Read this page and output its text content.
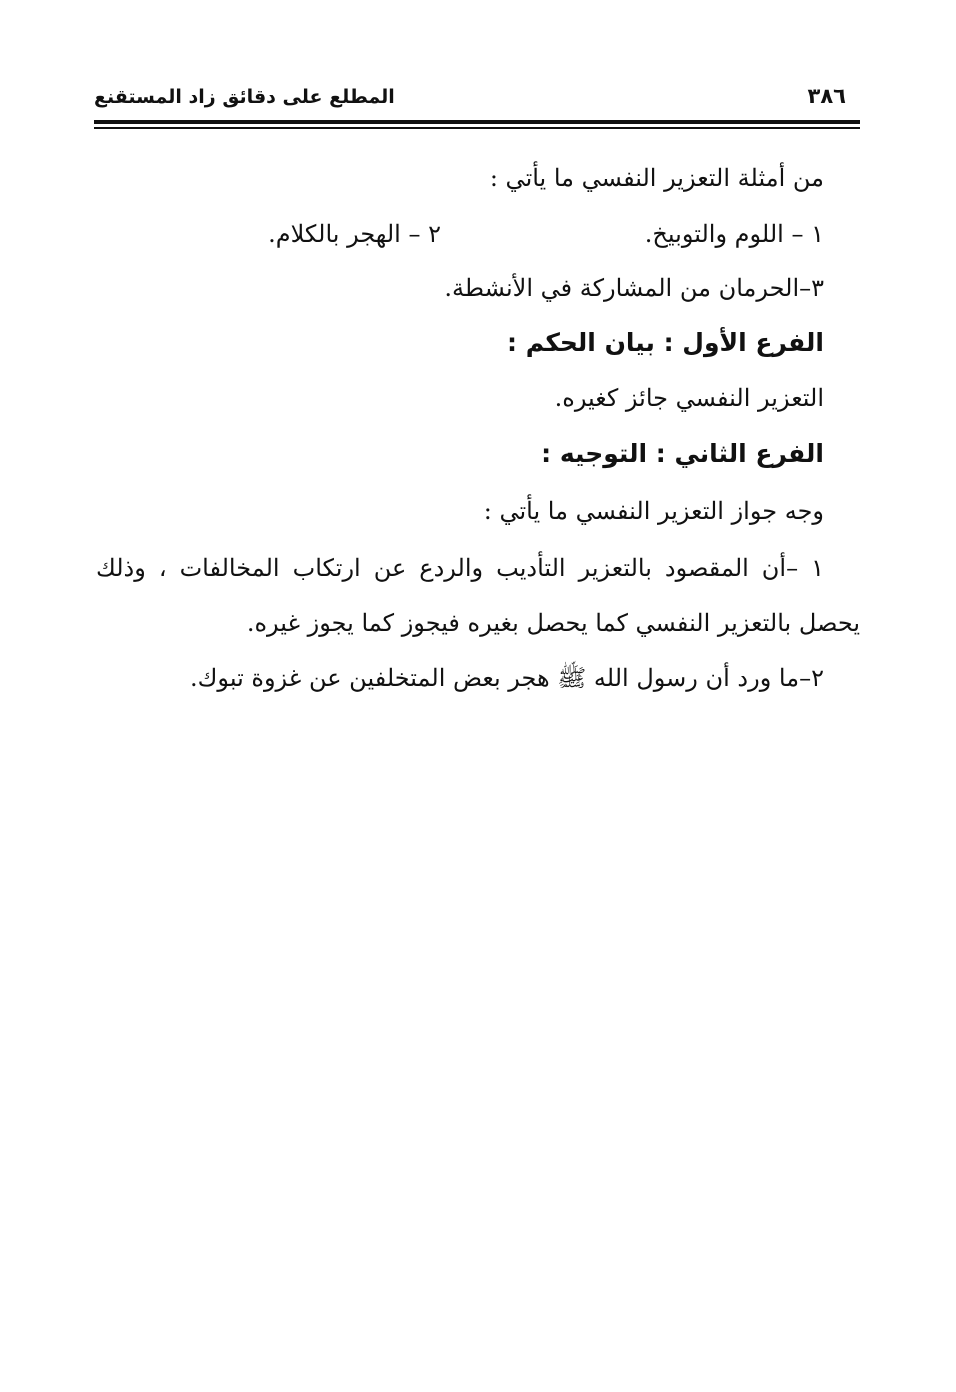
المطلع على دقائق زاد المستقنع	٣٨٦
من أمثلة التعزير النفسي ما يأتي :
١ – اللوم والتوبيخ.
٢ – الهجر بالكلام.
٣–الحرمان من المشاركة في الأنشطة.
الفرع الأول : بيان الحكم :
التعزير النفسي جائز كغيره.
الفرع الثاني : التوجيه :
وجه جواز التعزير النفسي ما يأتي :
١ –أن المقصود بالتعزير التأديب والردع عن ارتكاب المخالفات ، وذلك
يحصل بالتعزير النفسي كما يحصل بغيره فيجوز كما يجوز غيره.
٢–ما ورد أن رسول الله ﷺ هجر بعض المتخلفين عن غزوة تبوك.
